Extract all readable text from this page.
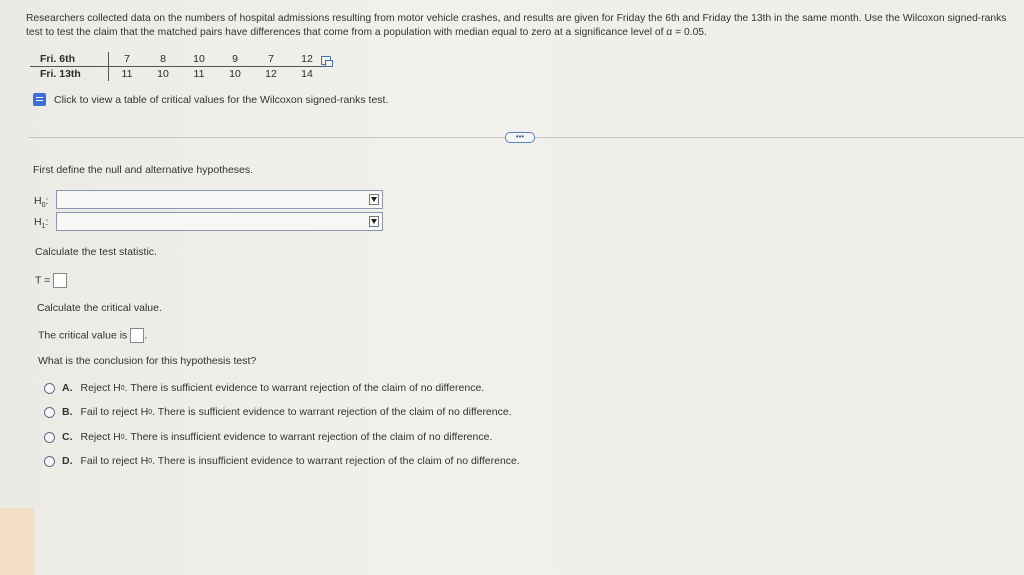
Researchers collected data on the numbers of hospital admissions resulting from motor vehicle crashes, and results are given for Friday the 6th and Friday the 13th in the same month. Use the Wilcoxon signed-ranks test to test the claim that the matched pairs have differences that come from a population with median equal to zero at a significance level of α = 0.05.
Fri. 6th	7	8	10	9	7	12
Fri. 13th	11	10	11	10	12	14
Click to view a table of critical values for the Wilcoxon signed-ranks test.
•••
First define the null and alternative hypotheses.
$H_0$:
$H_1$:
Calculate the test statistic.
T =
Calculate the critical value.
The critical value is .
What is the conclusion for this hypothesis test?
A. Reject H 0 . There is sufficient evidence to warrant rejection of the claim of no difference.
B. Fail to reject H 0 . There is sufficient evidence to warrant rejection of the claim of no difference.
C. Reject H 0 . There is insufficient evidence to warrant rejection of the claim of no difference.
D. Fail to reject H 0 . There is insufficient evidence to warrant rejection of the claim of no difference.
